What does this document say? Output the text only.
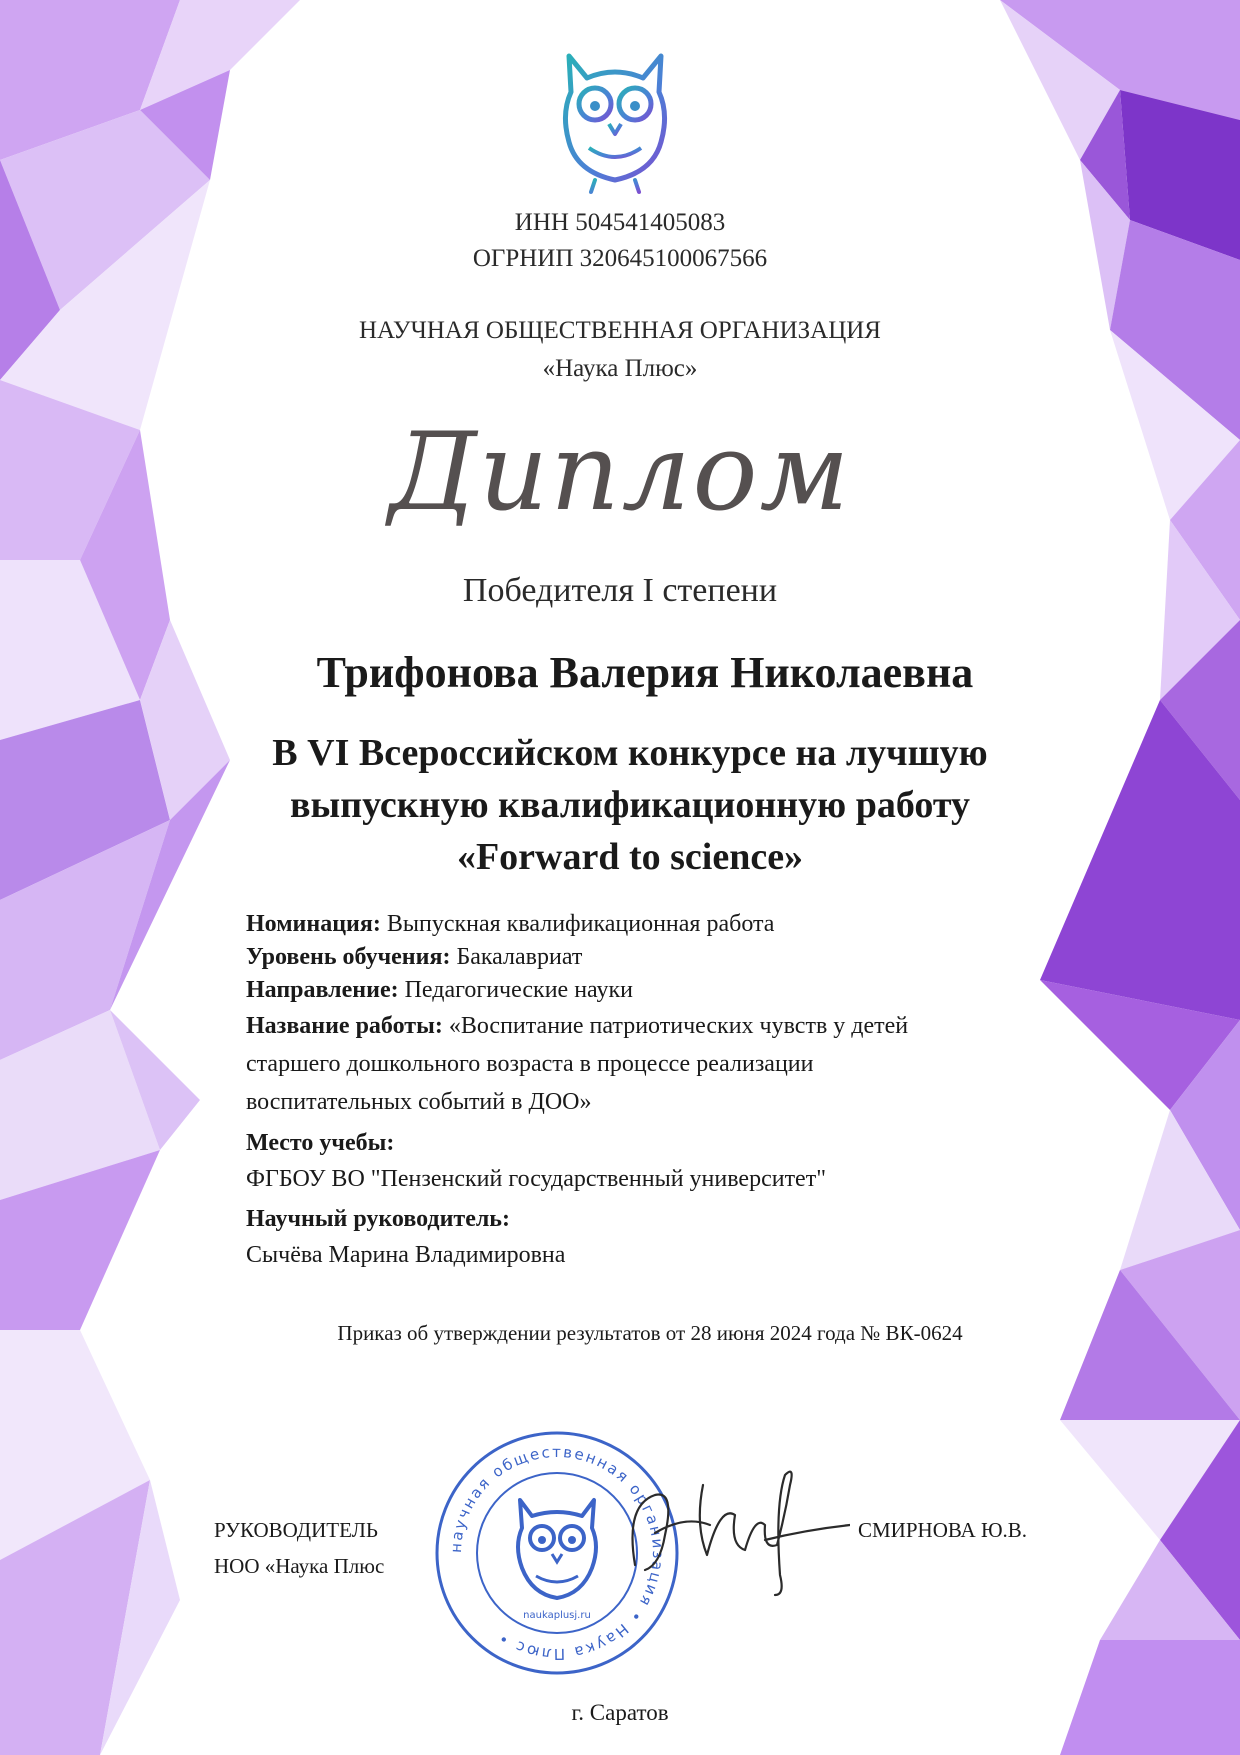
ИНН 504541405083
ОГРНИП 320645100067566
НАУЧНАЯ ОБЩЕСТВЕННАЯ ОРГАНИЗАЦИЯ
«Наука Плюс»
Диплом
Победителя I степени
Трифонова Валерия Николаевна
В VI Всероссийском конкурсе на лучшую
выпускную квалификационную работу
«Forward to science»
Номинация: Выпускная квалификационная работа
Уровень обучения: Бакалавриат
Направление: Педагогические науки
Название работы: «Воспитание патриотических чувств у детей
старшего дошкольного возраста в процессе реализации
воспитательных событий в ДОО»
Место учебы:
ФГБОУ ВО "Пензенский государственный университет"
Научный руководитель:
Сычёва Марина Владимировна
Приказ об утверждении результатов от 28 июня 2024 года № ВК-0624
РУКОВОДИТЕЛЬ
НОО «Наука Плюс
научная общественная организация • Наука Плюс •
naukaplusj.ru
СМИРНОВА Ю.В.
г. Саратов
